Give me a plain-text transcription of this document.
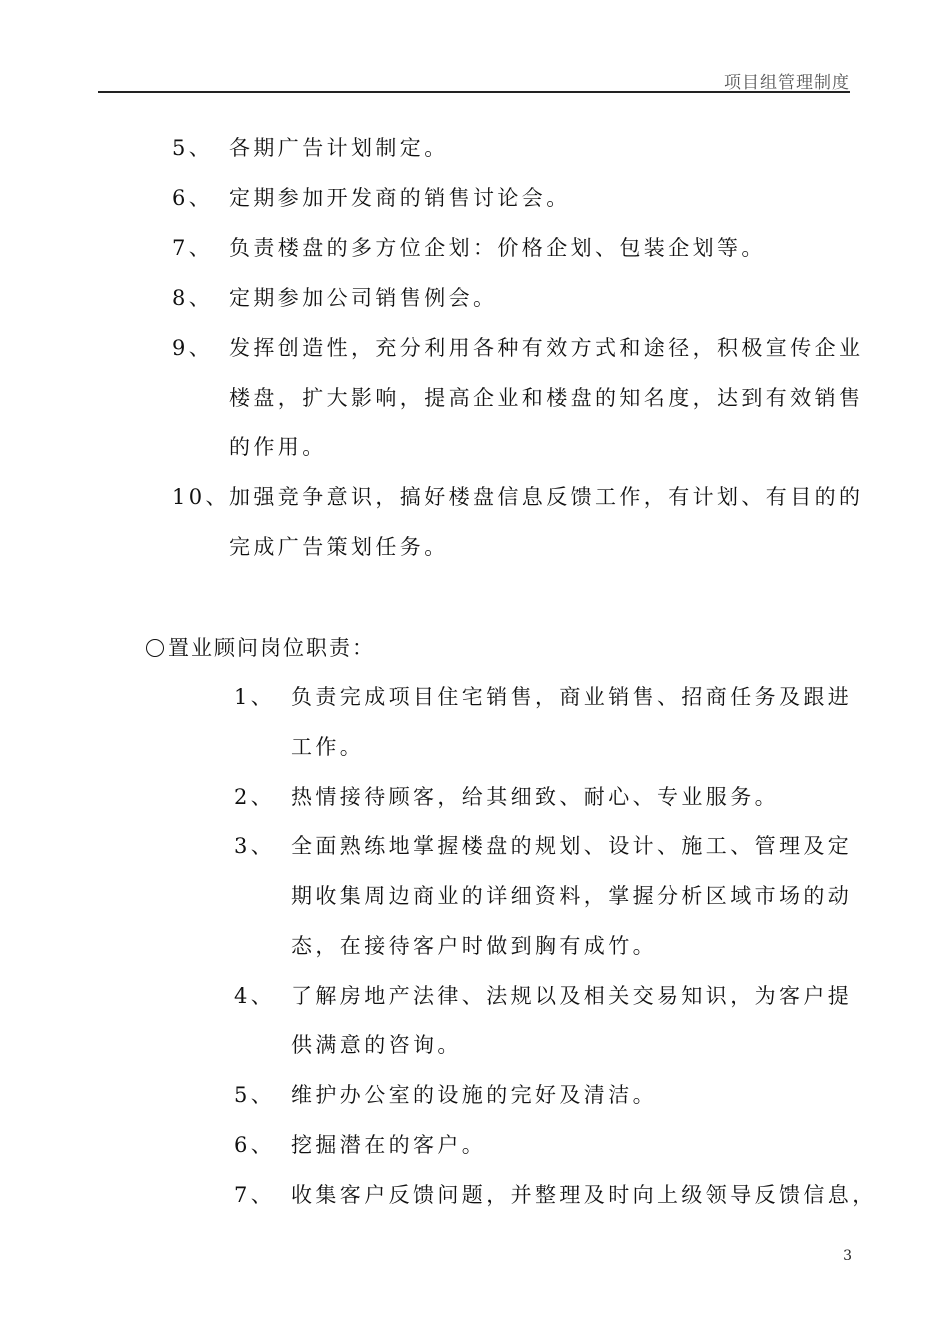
项目组管理制度
5、 各期广告计划制定。
6、 定期参加开发商的销售讨论会。
7、 负责楼盘的多方位企划：价格企划、包装企划等。
8、 定期参加公司销售例会。
9、 发挥创造性，充分利用各种有效方式和途径，积极宣传企业
楼盘，扩大影响，提高企业和楼盘的知名度，达到有效销售
的作用。
10、 加强竞争意识，搞好楼盘信息反馈工作，有计划、有目的的
完成广告策划任务。
置业顾问岗位职责：
1、 负责完成项目住宅销售，商业销售、招商任务及跟进
工作。
2、 热情接待顾客，给其细致、耐心、专业服务。
3、 全面熟练地掌握楼盘的规划、设计、施工、管理及定
期收集周边商业的详细资料，掌握分析区域市场的动
态，在接待客户时做到胸有成竹。
4、 了解房地产法律、法规以及相关交易知识，为客户提
供满意的咨询。
5、 维护办公室的设施的完好及清洁。
6、 挖掘潜在的客户。
7、 收集客户反馈问题，并整理及时向上级领导反馈信息，
3
